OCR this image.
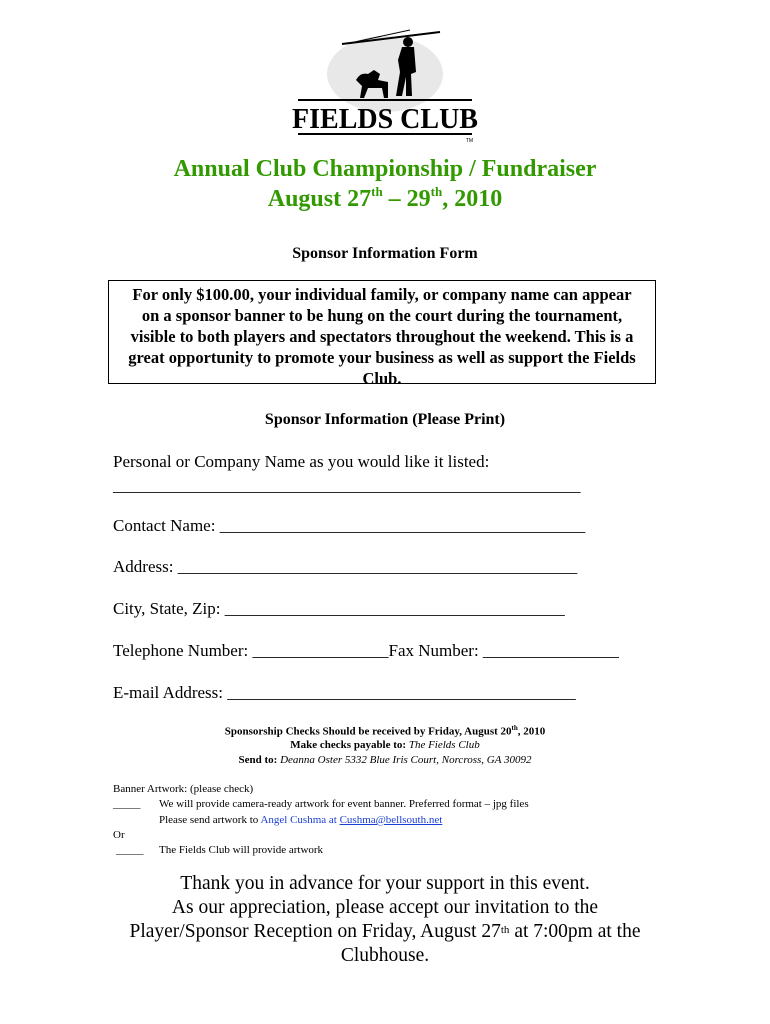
FIELDS CLUB
TM
Annual Club Championship / Fundraiser
August 27th – 29th, 2010
Sponsor Information Form
For only $100.00, your individual family, or company name can appear
on a sponsor banner to be hung on the court during the tournament,
visible to both players and spectators throughout the weekend. This is a
great opportunity to promote your business as well as support the Fields
Club.
Sponsor Information (Please Print)
Personal or Company Name as you would like it listed:
_______________________________________________________
Contact Name: ___________________________________________
Address: _______________________________________________
City, State, Zip: ________________________________________
Telephone Number: ________________Fax Number: ________________
E-mail Address: _________________________________________
Sponsorship Checks Should be received by Friday, August 20th, 2010
Make checks payable to: The Fields Club
Send to: Deanna Oster 5332 Blue Iris Court, Norcross, GA 30092
Banner Artwork: (please check)
_____ We will provide camera-ready artwork for event banner. Preferred format – jpg files
Please send artwork to Angel Cushma at Cushma@bellsouth.net
Or
_____ The Fields Club will provide artwork
Thank you in advance for your support in this event.
As our appreciation, please accept our invitation to the
Player/Sponsor Reception on Friday, August 27th at 7:00pm at the
Clubhouse.
